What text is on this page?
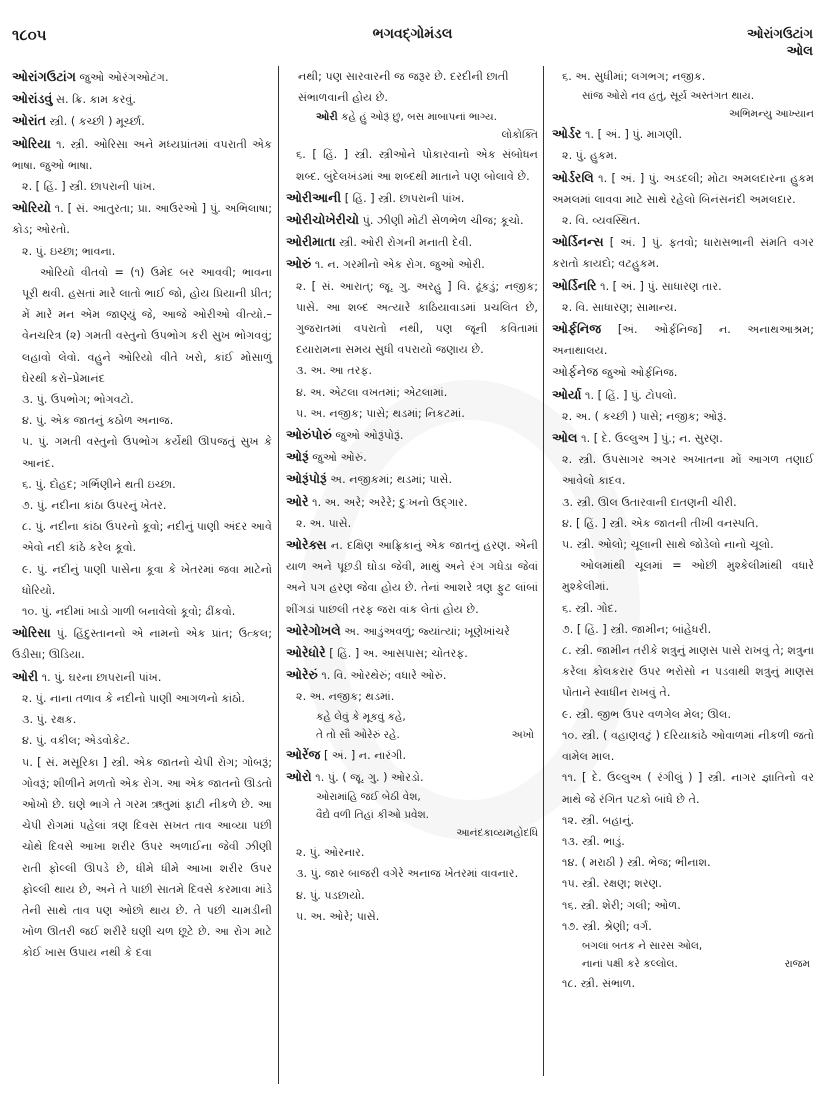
૧૮૦૫	ભગવદ્ગોમંડલ	ઓરાંગઉટાંગ
ઓલ
ઓરાંગઉટાંગ જુઓ ઓરંગઓટંગ.
ઓરાંડવું સ. ક્રિ. કામ કરવું.
ઓરાંત સ્ત્રી. ( કચ્છી ) મૂર્ચ્છા.
ઓરિયા ૧. સ્ત્રી. ઓરિસા અને મધ્યપ્રાંતમાં વપરાતી એક ભાષા. જુઓ ભાષા.
૨. [ હિં. ] સ્ત્રી. છાપરાની પાંખ.
ઓરિયો ૧. [ સં. આતુરતા; પ્રા. આઉરઓ ] પું. અભિલાષા; કોડ; ઓરતો.
૨. પું. ઇચ્છા; ભાવના.
ઓરિયો વીતવો = (૧) ઉમેદ બર આવવી; ભાવના પૂરી થવી. હસતાં મારે લાતો ભાઈ જો, હોય પ્રિયાની પ્રીત; મેં મારે મન એમ જાણ્યું જે, આજે ઓરીઓ વીત્યો.–વેનચરિત્ર (૨) ગમતી વસ્તુનો ઉપભોગ કરી સુખ ભોગવવું; લહાવો લેવો. વહુને ઓરિયો વીતે ખરો, કાંઈ મોસાળું ઘેરથી કરો–પ્રેમાનંદ
૩. પું. ઉપભોગ; ભોગવટો.
૪. પું. એક જાતનું કઠોળ અનાજ.
૫. પું. ગમતી વસ્તુનો ઉપભોગ કર્યેથી ઊપજતું સુખ કે આનંદ.
૬. પું. દોહદ; ગર્ભિણીને થતી ઇચ્છા.
૭. પું. નદીના કાંઠા ઉપરનું ખેતર.
૮. પું. નદીના કાંઠા ઉપરનો કૂવો; નદીનું પાણી અંદર આવે એવો નદી કાંઠે કરેલ કૂવો.
૯. પું. નદીનું પાણી પાસેના કૂવા કે ખેતરમાં જવા માટેનો ધોરિયો.
૧૦. પું. નદીમાં ખાડો ગાળી બનાવેલો કૂવો; ઢીંકવો.
ઓરિસા પું. હિંદુસ્તાનનો એ નામનો એક પ્રાંત; ઉત્કલ; ઉડીસા; ઊડિયા.
ઓરી ૧. પું. ઘરના છાપરાની પાંખ.
૨. પું. નાના તળાવ કે નદીનો પાણી આગળનો કાંઠો.
૩. પું. રક્ષક.
૪. પું. વકીલ; એડવોકેટ.
૫. [ સં. મસૂરિકા ] સ્ત્રી. એક જાતનો ચેપી રોગ; ગોબરૂં; ગોવરૂં; શીળીને મળતો એક રોગ. આ એક જાતનો ઊડતો ઓખો છે. ઘણે ભાગે તે ગરમ ઋતુમાં ફાટી નીકળે છે. આ ચેપી રોગમાં પહેલાં ત્રણ દિવસ સખત તાવ આવ્યા પછી ચોથે દિવસે આખા શરીર ઉપર અળાઈના જેવી ઝીણી રાતી ફોલ્લી ઊપડે છે, ધીમે ધીમે આખા શરીર ઉપર ફોલ્લી થાય છે, અને તે પાછી સાતમે દિવસે કરમાવા માંડે તેની સાથે તાવ પણ ઓછો થાય છે. તે પછી ચામડીની ખોળ ઊતરી જઈ શરીરે ઘણી ચળ છૂટે છે. આ રોગ માટે કોઈ ખાસ ઉપાય નથી કે દવા
નથી; પણ સારવારની જ જરૂર છે. દરદીની છાતી સંભાળવાની હોય છે.
ઓરી કહે હું ઓરૂં છું, બસ માબાપનાં ભાગ્ય.
લોકોક્તિ
૬. [ હિં. ] સ્ત્રી. સ્ત્રીઓને પોકારવાનો એક સંબોધન શબ્દ. બુંદેલખંડમાં આ શબ્દથી માતાને પણ બોલાવે છે.
ઓરીઆની [ હિં. ] સ્ત્રી. છાપરાની પાંખ.
ઓરીચોખેરીચો પું. ઝીણી મોટી સેળભેળ ચીજ; કૂચો.
ઓરીમાતા સ્ત્રી. ઓરી રોગની મનાતી દેવી.
ઓરું ૧. ન. ગરમીનો એક રોગ. જુઓ ઓરી.
૨. [ સં. આરાત્; જૂ. ગુ. અરહુ ] વિ. ઢૂંકડું; નજીક; પાસે. આ શબ્દ અત્યારે કાઠિયાવાડમાં પ્રચલિત છે, ગુજરાતમાં વપરાતો નથી, પણ જૂની કવિતામાં દયારામના સમય સુધી વપરાયો જણાય છે.
૩. અ. આ તરફ.
૪. અ. એટલા વખતમાં; એટલામાં.
૫. અ. નજીક; પાસે; થડમાં; નિકટમાં.
ઓરુંપોરું જુઓ ઓરૂંપોરૂં.
ઓરૂં જુઓ ઓરું.
ઓરૂંપોરૂં અ. નજીકમાં; થડમાં; પાસે.
ઓરે ૧. અ. અરે; અરેરે; દુઃખનો ઉદ્ગાર.
૨. અ. પાસે.
ઓરેક્સ ન. દક્ષિણ આફ્રિકાનું એક જાતનું હરણ. એની યાળ અને પૂછડી ઘોડા જેવી, માથું અને રંગ ગધેડા જેવાં અને પગ હરણ જેવા હોય છે. તેનાં આશરે ત્રણ ફુટ લાંબાં શીંગડાં પાછલી તરફ જરા વાંક લેતાં હોય છે.
ઓરેગોખલે અ. આડુંઅવળું; જ્યાંત્યાં; ખૂણેખાંચરે
ઓરેધોરે [ હિં. ] અ. આસપાસ; ચોતરફ.
ઓરેરું ૧. વિ. ઓરથેરું; વધારે ઓરું.
૨. અ. નજીક; થડમાં.
કહે લેવું કે મૂકવું કહે,
તે તો સૌ ઓરેરું રહે.	અખો
ઓરેંજ [ અં. ] ન. નારંગી.
ઓરો ૧. પું. ( જૂ. ગુ. ) ઓરડો.
ઓરામાંહિ જઈ બેઠી વેશ,
વૈદ્યે વળી તિહાં કીઓ પ્રવેશ.
આનંદકાવ્યમહોદધિ
૨. પું. ઓરનાર.
૩. પું. જાર બાજરી વગેરે અનાજ ખેતરમાં વાવનાર.
૪. પું. પડછાયો.
૫. અ. ઓરે; પાસે.
૬. અ. સુધીમાં; લગભગ; નજીક.
સાંજ ઓરો નવ હતું, સૂર્ય અસ્તંગત થાય.
અભિમન્યુ આખ્યાન
ઓર્ડર ૧. [ અં. ] પું. માગણી.
૨. પું. હુકમ.
ઓર્ડરલિ ૧. [ અં. ] પું. અડદલી; મોટા અમલદારના હુકમ અમલમાં લાવવા માટે સાથે રહેલો બિનંસનંદી અમલદાર.
૨. વિ. વ્યવસ્થિત.
ઓર્ડિનન્સ [ અં. ] પું. ફતવો; ધારાસભાની સંમતિ વગર કરાતો કાયદો; વટહુકમ.
ઓર્ડિનરિ ૧. [ અં. ] પું. સાધારણ તાર.
૨. વિ. સાધારણ; સામાન્ય.
ઓર્ફનિજ [અં. ઓર્ફનિજ] ન. અનાથઆશ્રમ; અનાથાલય.
ઓર્ફનેજ જુઓ ઓર્ફનિજ.
ઓર્યા ૧. [ હિં. ] પું. ટોપલો.
૨. અ. ( કચ્છી ) પાસે; નજીક; ઓરૂં.
ઓલ ૧. [ દે. ઉલ્લુઅ ] પું.; ન. સુરણ.
૨. સ્ત્રી. ઉપસાગર અગર અખાતના મોં આગળ તણાઈ આવેલો કાદવ.
૩. સ્ત્રી. ઊલ ઉતારવાની દાતણની ચીરી.
૪. [ હિં. ] સ્ત્રી. એક જાતની તીખી વનસ્પતિ.
૫. સ્ત્રી. ઓલો; ચૂલાની સાથે જોડેલો નાનો ચૂલો.
ઓલમાંથી ચૂલમાં = ઓછી મુશ્કેલીમાંથી વધારે મુશ્કેલીમાં.
૬. સ્ત્રી. ગોદ.
૭. [ હિં. ] સ્ત્રી. જામીન; બાંહેધરી.
૮. સ્ત્રી. જામીન તરીકે શત્રુનું માણસ પાસે રાખવું તે; શત્રુના કરેલા કોલકરાર ઉપર ભરોસો ન પડવાથી શત્રુનું માણસ પોતાને સ્વાધીન રાખવું તે.
૯. સ્ત્રી. જીભ ઉપર વળગેલ મેલ; ઊલ.
૧૦. સ્ત્રી. ( વહાણવટું ) દરિયાકાંઠે ઓવાળમાં નીકળી જતો વામેલ માલ.
૧૧. [ દે. ઉલ્લુઅ ( રંગીલું ) ] સ્ત્રી. નાગર જ્ઞાતિનો વર માથે જે રંગિત પટકો બાંધે છે તે.
૧૨. સ્ત્રી. બહાનું.
૧૩. સ્ત્રી. ભાડું.
૧૪. ( મરાઠી ) સ્ત્રી. ભેજ; ભીનાશ.
૧૫. સ્ત્રી. રક્ષણ; શરણ.
૧૬. સ્ત્રી. શેરી; ગલી; ઓળ.
૧૭. સ્ત્રી. શ્રેણી; વર્ગ.
બગલાં બતક ને સારસ ઓલ,
નાનાં પક્ષી કરે કલ્લોલ.	રાજમ
૧૮. સ્ત્રી. સંભાળ.
